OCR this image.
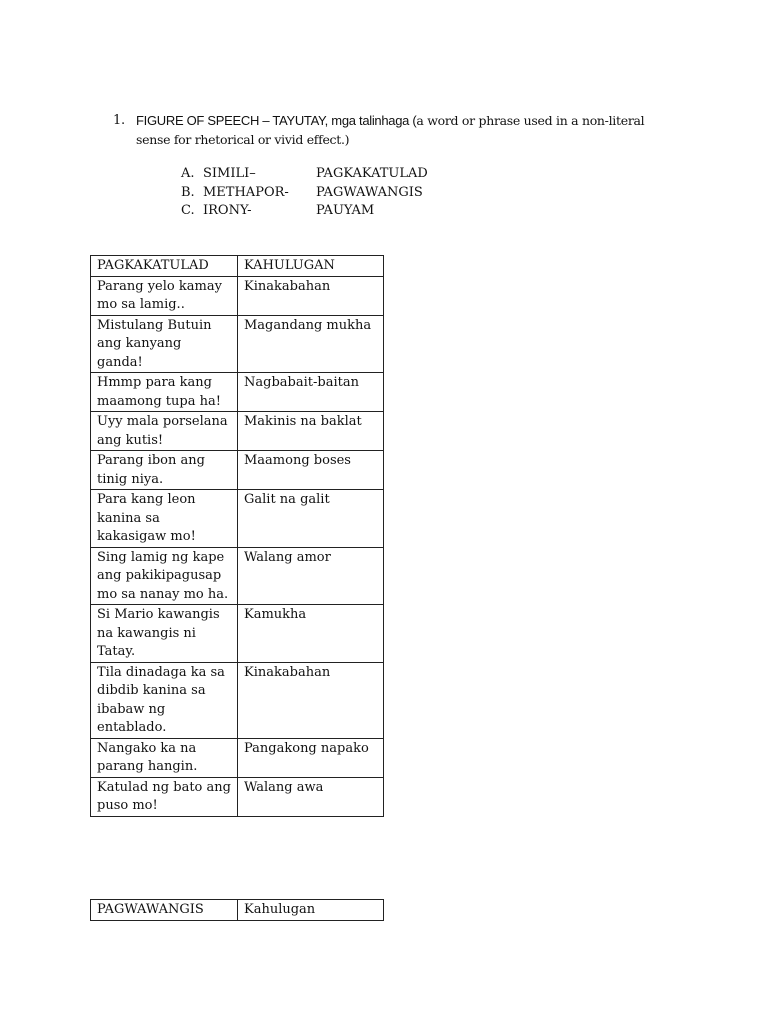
1. FIGURE OF SPEECH – TAYUTAY, mga talinhaga (a word or phrase used in a non-literal sense for rhetorical or vivid effect.)
A. SIMILI–	PAGKAKATULAD
B. METHAPOR- PAGWAWANGIS
C. IRONY-	PAUYAM
PAGKAKATULAD	KAHULUGAN
Parang yelo kamay mo sa lamig..	Kinakabahan
Mistulang Butuin ang kanyang ganda!	Magandang mukha
Hmmp para kang maamong tupa ha!	Nagbabait-baitan
Uyy mala porselana ang kutis!	Makinis na baklat
Parang ibon ang tinig niya.	Maamong boses
Para kang leon kanina sa kakasigaw mo!	Galit na galit
Sing lamig ng kape ang pakikipagusap mo sa nanay mo ha.	Walang amor
Si Mario kawangis na kawangis ni Tatay.	Kamukha
Tila dinadaga ka sa dibdib kanina sa ibabaw ng entablado.	Kinakabahan
Nangako ka na parang hangin.	Pangakong napako
Katulad ng bato ang puso mo!	Walang awa
PAGWAWANGIS	Kahulugan
